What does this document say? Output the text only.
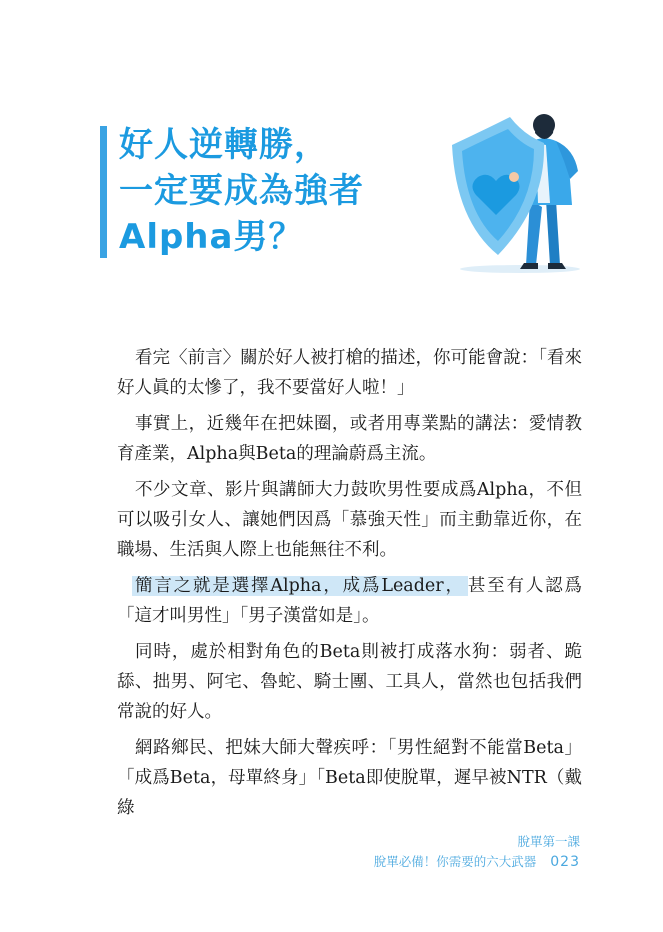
好人逆轉勝，
一定要成為強者
Alpha男？

看完〈前言〉關於好人被打槍的描述，你可能會說：「看來好人眞的太慘了，我不要當好人啦！」

事實上，近幾年在把妹圈，或者用專業點的講法：愛情教育產業，Alpha與Beta的理論蔚爲主流。

不少文章、影片與講師大力鼓吹男性要成爲Alpha，不但可以吸引女人、讓她們因爲「慕強天性」而主動靠近你，在職場、生活與人際上也能無往不利。

簡言之就是選擇Alpha，成爲Leader， 甚至有人認爲「這才叫男性」「男子漢當如是」。

同時，處於相對角色的Beta則被打成落水狗：弱者、跪舔、拙男、阿宅、魯蛇、騎士團、工具人，當然也包括我們常說的好人。

網路鄉民、把妹大師大聲疾呼：「男性絕對不能當Beta」「成爲Beta，母單終身」「Beta即使脫單，遲早被NTR（戴綠

脫單第一課
脫單必備！你需要的六大武器 023
